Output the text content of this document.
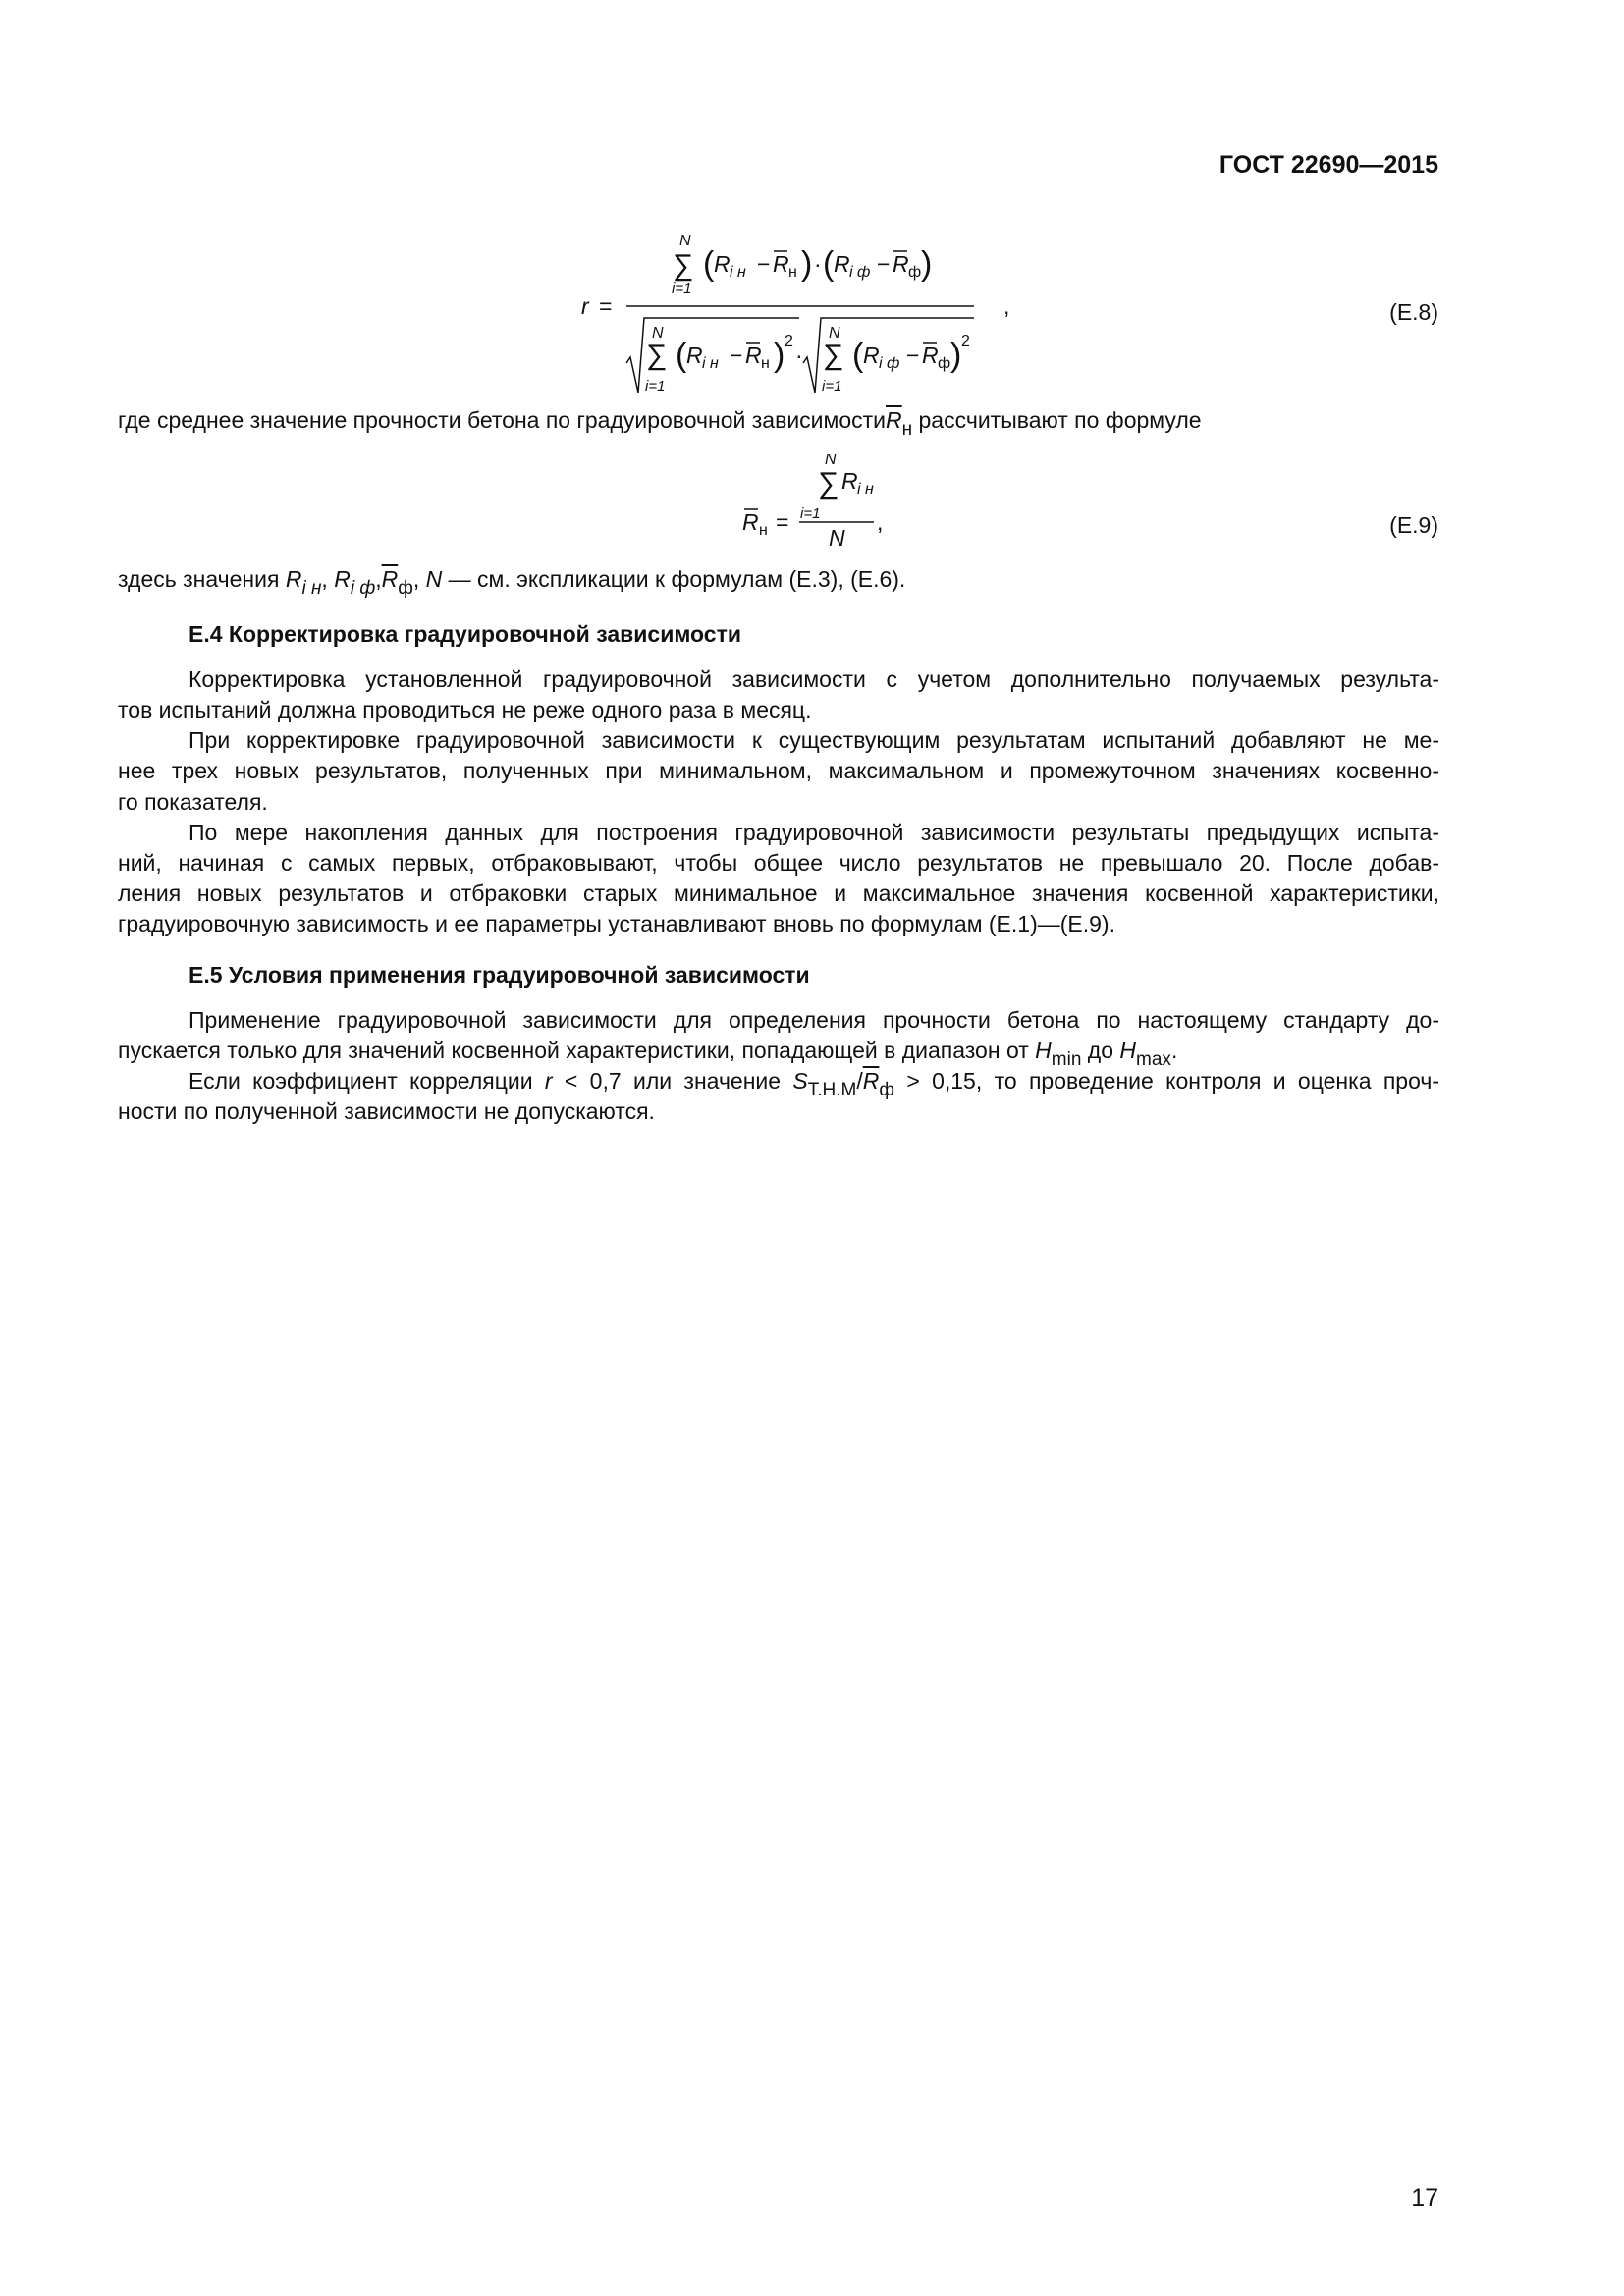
ГОСТ 22690—2015
r =
N
∑
i=1
( R i н − R н ) · ( R i ф − R ф )
N
∑
i=1
( R i н − R н ) 2
·
N
∑
i=1
( R i ф − R ф ) 2
,	(Е.8)
где среднее значение прочности бетона по градуировочной $зависимости\overline{R}_н$ рассчитывают по формуле
R н =
N
∑ R i н
i=1
N
,	(Е.9)
здесь значения $R_{i н}$, $R_{i ф},\overline{R}_ф$, N — см. экспликации к формулам (Е.3), (Е.6).
Е.4 Корректировка градуировочной зависимости
Корректировка установленной градуировочной зависимости с учетом дополнительно получаемых результа-
тов испытаний должна проводиться не реже одного раза в месяц.
При корректировке градуировочной зависимости к существующим результатам испытаний добавляют не ме-
нее трех новых результатов, полученных при минимальном, максимальном и промежуточном значениях косвенно-
го показателя.
По мере накопления данных для построения градуировочной зависимости результаты предыдущих испыта-
ний, начиная с самых первых, отбраковывают, чтобы общее число результатов не превышало 20. После добав-
ления новых результатов и отбраковки старых минимальное и максимальное значения косвенной характеристики,
градуировочную зависимость и ее параметры устанавливают вновь по формулам (Е.1)—(Е.9).
Е.5 Условия применения градуировочной зависимости
Применение градуировочной зависимости для определения прочности бетона по настоящему стандарту до-
пускается только для значений косвенной характеристики, попадающей в диапазон от $H_{min}$ до $H_{max}$.
Если коэффициент корреляции r < 0,7 или значение $S_{Т.Н.М}/\overline{R}_ф > 0,15$, то проведение контроля и оценка проч-
ности по полученной зависимости не допускаются.
17
